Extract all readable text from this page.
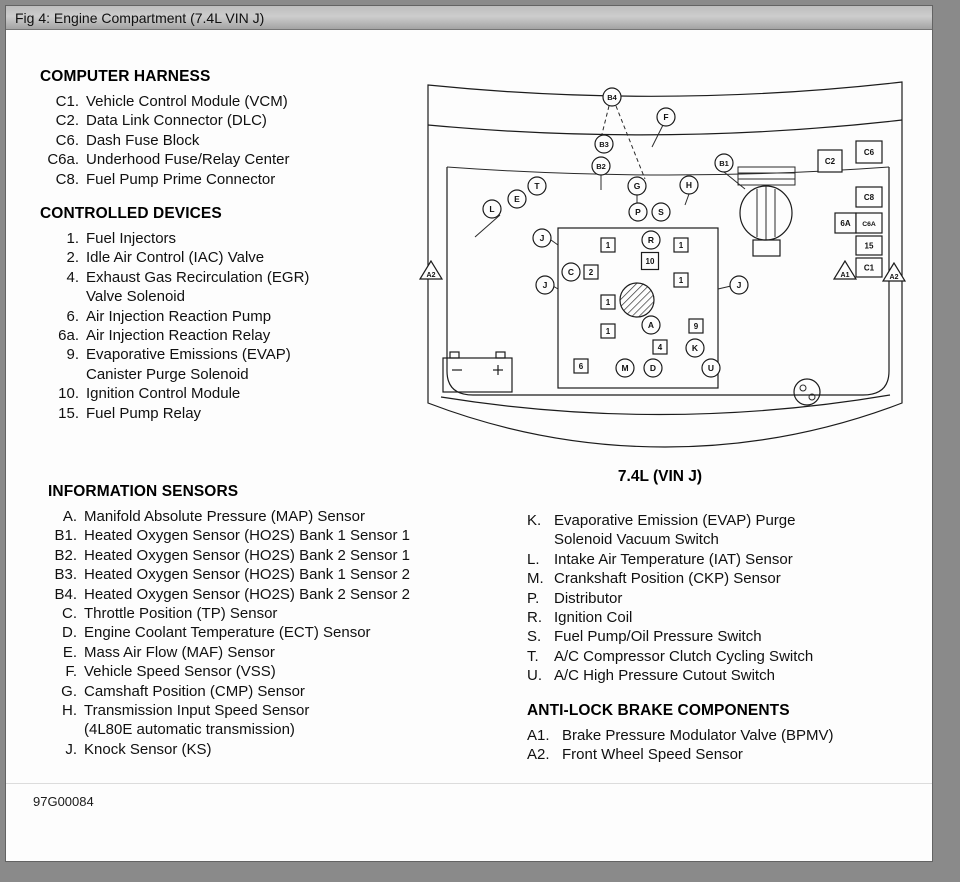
Fig 4: Engine Compartment (7.4L VIN J)
COMPUTER HARNESS
C1. Vehicle Control Module (VCM)
C2. Data Link Connector (DLC)
C6. Dash Fuse Block
C6a. Underhood Fuse/Relay Center
C8. Fuel Pump Prime Connector
CONTROLLED DEVICES
1. Fuel Injectors
2. Idle Air Control (IAC) Valve
4. Exhaust Gas Recirculation (EGR)
Valve Solenoid
6. Air Injection Reaction Pump
6a. Air Injection Reaction Relay
9. Evaporative Emissions (EVAP)
Canister Purge Solenoid
10. Ignition Control Module
15. Fuel Pump Relay
B4
F
B3
B2	B1
T
E
L
G	H
P S
J	R
C
J	J
A
K
M	D	U
1	1
10
2
1
1
1
9
4
6
C2
C6
C8
6A C6A
15
C1
A2	A1	A2
7.4L (VIN J)
INFORMATION SENSORS
A. Manifold Absolute Pressure (MAP) Sensor
B1. Heated Oxygen Sensor (HO2S) Bank 1 Sensor 1
B2. Heated Oxygen Sensor (HO2S) Bank 2 Sensor 1
B3. Heated Oxygen Sensor (HO2S) Bank 1 Sensor 2
B4. Heated Oxygen Sensor (HO2S) Bank 2 Sensor 2
C. Throttle Position (TP) Sensor
D. Engine Coolant Temperature (ECT) Sensor
E. Mass Air Flow (MAF) Sensor
F. Vehicle Speed Sensor (VSS)
G. Camshaft Position (CMP) Sensor
H. Transmission Input Speed Sensor
(4L80E automatic transmission)
J. Knock Sensor (KS)
K. Evaporative Emission (EVAP) Purge
Solenoid Vacuum Switch
L. Intake Air Temperature (IAT) Sensor
M. Crankshaft Position (CKP) Sensor
P. Distributor
R. Ignition Coil
S. Fuel Pump/Oil Pressure Switch
T.	A/C Compressor Clutch Cycling Switch
U. A/C High Pressure Cutout Switch
ANTI-LOCK BRAKE COMPONENTS
A1. Brake Pressure Modulator Valve (BPMV)
A2. Front Wheel Speed Sensor
97G00084
